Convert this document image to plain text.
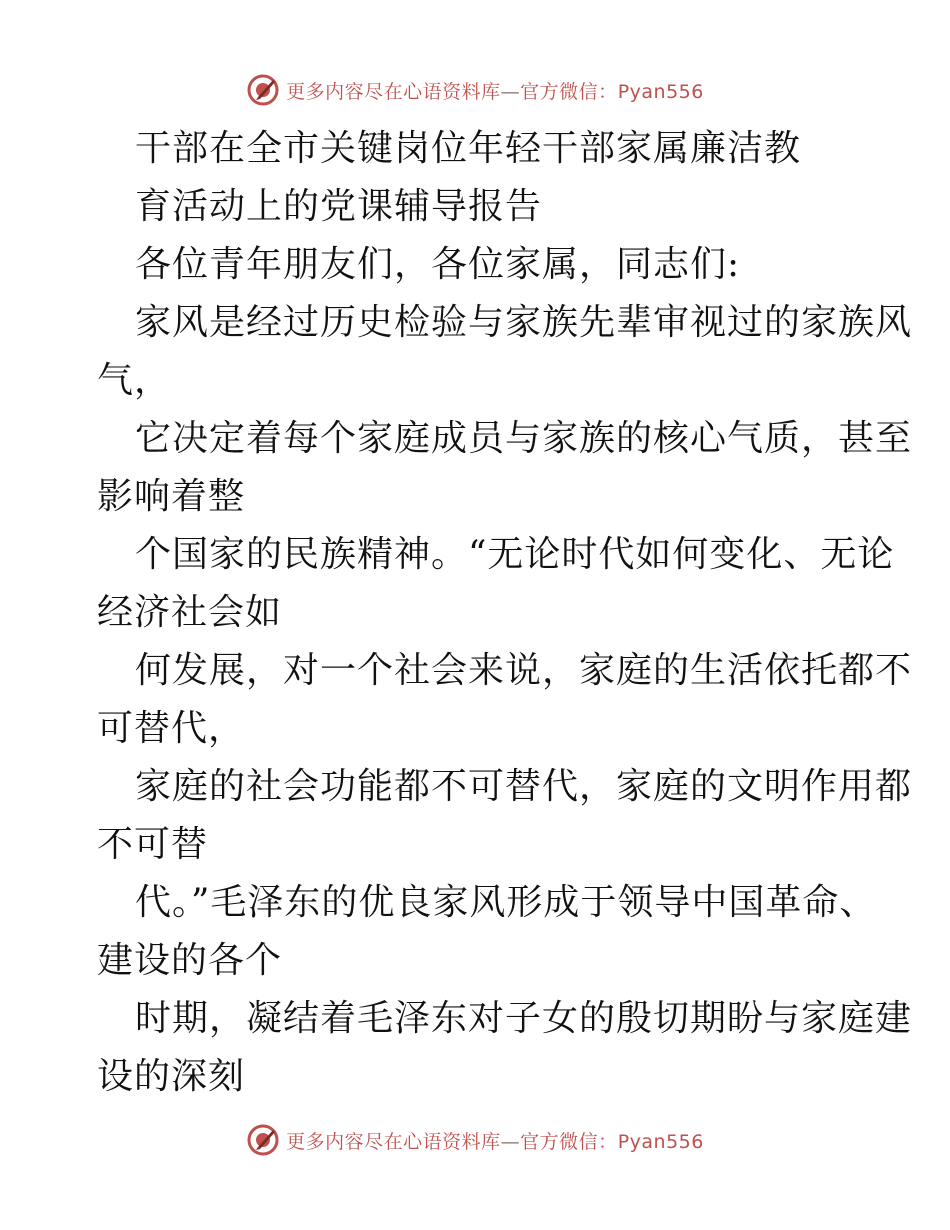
更多内容尽在心语资料库—官方微信：Pyan556
干部在全市关键岗位年轻干部家属廉洁教
育活动上的党课辅导报告
各位青年朋友们，各位家属，同志们:
家风是经过历史检验与家族先辈审视过的家族风
气，
它决定着每个家庭成员与家族的核心气质，甚至
影响着整
个国家的民族精神。“无论时代如何变化、无论
经济社会如
何发展，对一个社会来说，家庭的生活依托都不
可替代，
家庭的社会功能都不可替代，家庭的文明作用都
不可替
代。”毛泽东的优良家风形成于领导中国革命、
建设的各个
时期，凝结着毛泽东对子女的殷切期盼与家庭建
设的深刻
更多内容尽在心语资料库—官方微信：Pyan556
